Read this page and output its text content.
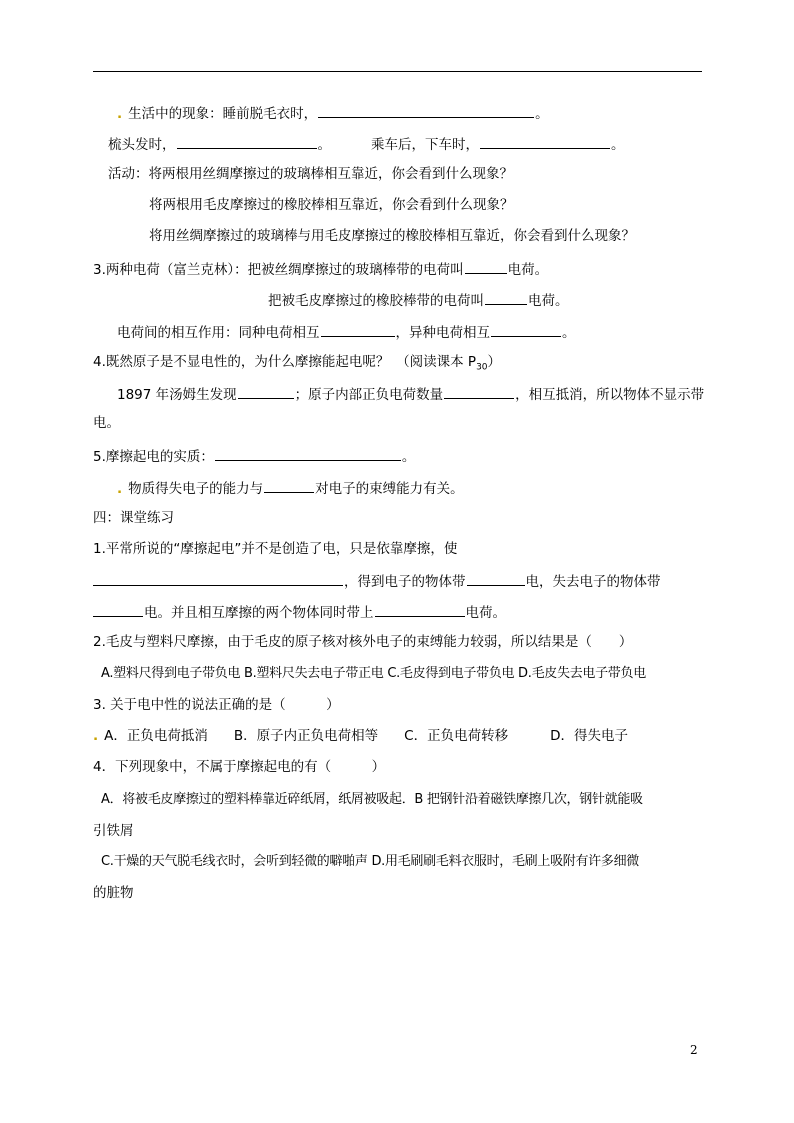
. 生活中的现象：睡前脱毛衣时，	。
梳头发时，	。	乘车后，下车时，	。
活动：将两根用丝绸摩擦过的玻璃棒相互靠近，你会看到什么现象？
将两根用毛皮摩擦过的橡胶棒相互靠近，你会看到什么现象？
将用丝绸摩擦过的玻璃棒与用毛皮摩擦过的橡胶棒相互靠近，你会看到什么现象？
3.两种电荷（富兰克林）：把被丝绸摩擦过的玻璃棒带的电荷叫	电荷。
把被毛皮摩擦过的橡胶棒带的电荷叫	电荷。
电荷间的相互作用：同种电荷相互	，异种电荷相互	。
4.既然原子是不显电性的，为什么摩擦能起电呢？　（阅读课本 $P_{30}$）
1897 年汤姆生发现	；原子内部正负电荷数量	，相互抵消，所以物体不显示带
电。
5.摩擦起电的实质：	。
. 物质得失电子的能力与	对电子的束缚能力有关。
四：课堂练习
1.平常所说的“摩擦起电”并不是创造了电，只是依靠摩擦，使
，得到电子的物体带	电，失去电子的物体带
电。并且相互摩擦的两个物体同时带上	电荷。
2.毛皮与塑料尺摩擦，由于毛皮的原子核对核外电子的束缚能力较弱，所以结果是（　　）
A.塑料尺得到电子带负电 B.塑料尺失去电子带正电 C.毛皮得到电子带负电 D.毛皮失去电子带负电
3. 关于电中性的说法正确的是（　　　）
. A．正负电荷抵消 B．原子内正负电荷相等 C．正负电荷转移	D．得失电子
4．下列现象中，不属于摩擦起电的有（　　　）
A．将被毛皮摩擦过的塑料棒靠近碎纸屑，纸屑被吸起．B 把钢针沿着磁铁摩擦几次，钢针就能吸
引铁屑
C.干燥的天气脱毛线衣时，会听到轻微的噼啪声 D.用毛刷刷毛料衣服时，毛刷上吸附有许多细微
的脏物
2
